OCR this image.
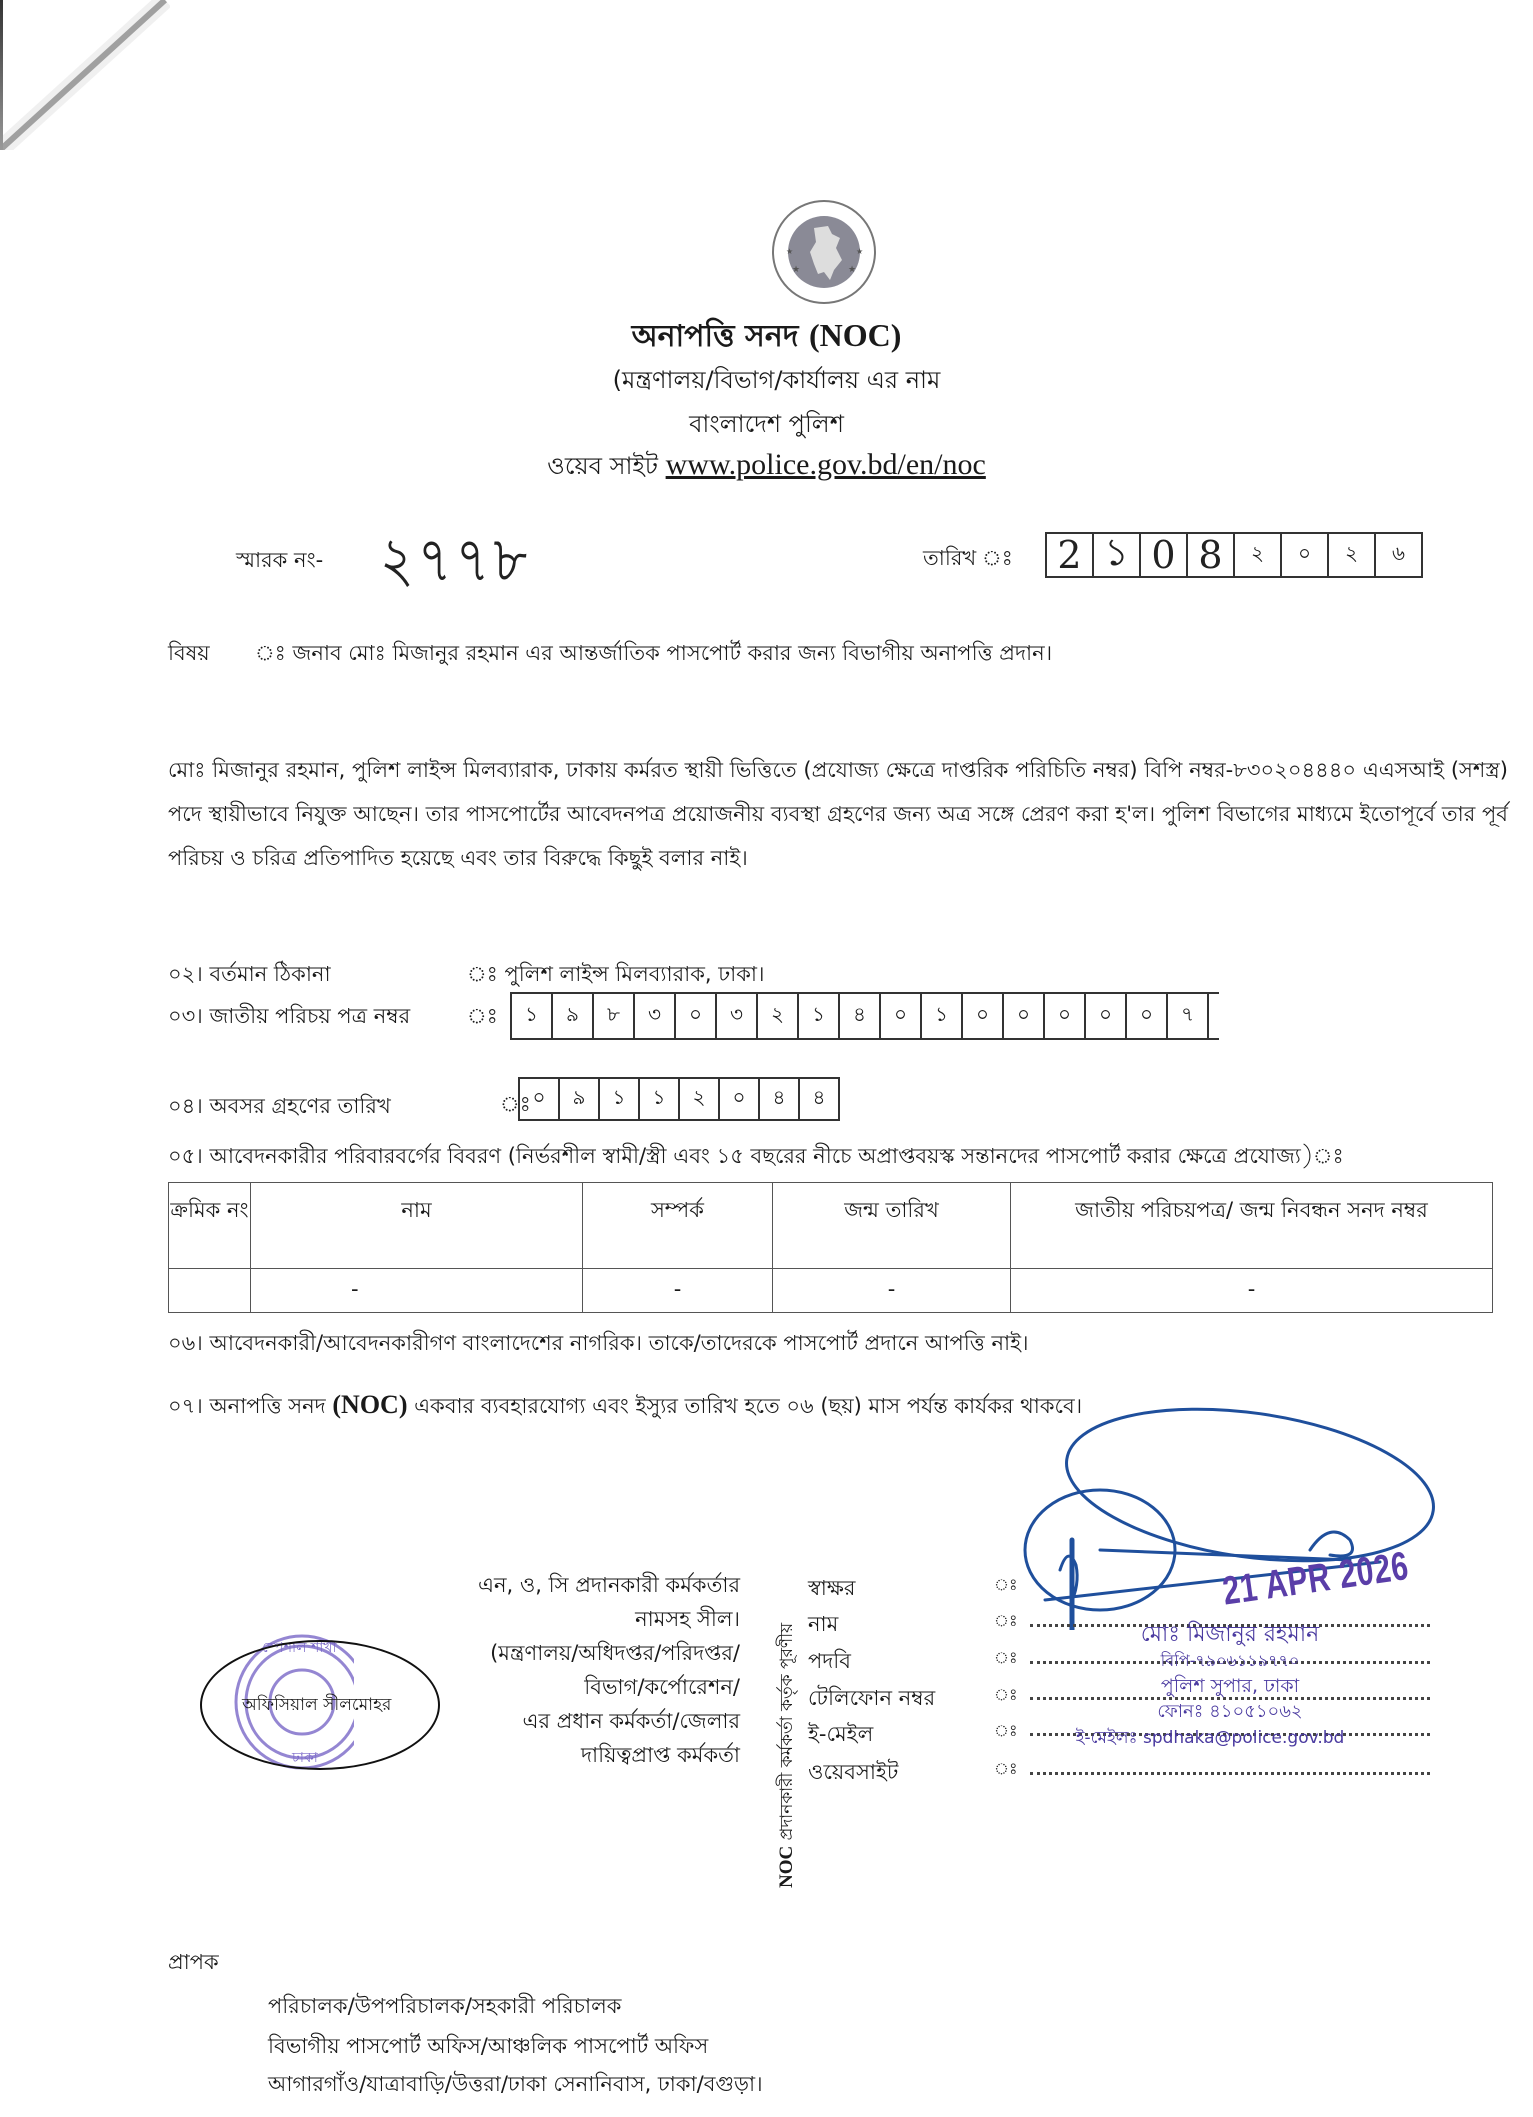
★	★
★	★
অনাপত্তি সনদ (NOC)
(মন্ত্রণালয়/বিভাগ/কার্যালয় এর নাম
বাংলাদেশ পুলিশ
ওয়েব সাইট www.police.gov.bd/en/noc
স্মারক নং- ২৭৭৮	তারিখ ঃ 2 ১ 0 8	২	০	২	৬
বিষয় ঃ জনাব মোঃ মিজানুর রহমান এর আন্তর্জাতিক পাসপোর্ট করার জন্য বিভাগীয় অনাপত্তি প্রদান।
মোঃ মিজানুর রহমান, পুলিশ লাইন্স মিলব্যারাক, ঢাকায় কর্মরত স্থায়ী ভিত্তিতে (প্রযোজ্য ক্ষেত্রে দাপ্তরিক পরিচিতি নম্বর) বিপি নম্বর-৮৩০২০৪৪৪০ এএসআই (সশস্ত্র) পদে স্থায়ীভাবে নিযুক্ত আছেন। তার পাসপোর্টের আবেদনপত্র প্রয়োজনীয় ব্যবস্থা গ্রহণের জন্য অত্র সঙ্গে প্রেরণ করা হ'ল। পুলিশ বিভাগের মাধ্যমে ইতোপূর্বে তার পূর্ব পরিচয় ও চরিত্র প্রতিপাদিত হয়েছে এবং তার বিরুদ্ধে কিছুই বলার নাই।
০২। বর্তমান ঠিকানা	ঃ পুলিশ লাইন্স মিলব্যারাক, ঢাকা।
০৩। জাতীয় পরিচয় পত্র নম্বর	ঃ	১	৯	৮	৩	০	৩	২	১	৪	০	১	০	০	০	০	০	৭
০৪। অবসর গ্রহণের তারিখ	ঃ ০	৯	১	১	২	০	৪	৪
০৫। আবেদনকারীর পরিবারবর্গের বিবরণ (নির্ভরশীল স্বামী/স্ত্রী এবং ১৫ বছরের নীচে অপ্রাপ্তবয়স্ক সন্তানদের পাসপোর্ট করার ক্ষেত্রে প্রযোজ্য)ঃ
ক্রমিক নং	নাম	সম্পর্ক	জন্ম তারিখ	জাতীয় পরিচয়পত্র/ জন্ম নিবন্ধন সনদ নম্বর
	-	-	-	-
০৬। আবেদনকারী/আবেদনকারীগণ বাংলাদেশের নাগরিক। তাকে/তাদেরকে পাসপোর্ট প্রদানে আপত্তি নাই।
০৭। অনাপত্তি সনদ (NOC) একবার ব্যবহারযোগ্য এবং ইস্যুর তারিখ হতে ০৬ (ছয়) মাস পর্যন্ত কার্যকর থাকবে।
এন, ও, সি প্রদানকারী কর্মকর্তার
নামসহ সীল।
(মন্ত্রণালয়/অধিদপ্তর/পরিদপ্তর/
বিভাগ/কর্পোরেশন/
এর প্রধান কর্মকর্তা/জেলার
দায়িত্বপ্রাপ্ত কর্মকর্তা
স্পেশাল শাখা
ঢাকা
অফিসিয়াল সীলমোহর
NOC প্রদানকারী কর্মকর্তা কর্তৃক পূরণীয়
স্বাক্ষর	ঃ
নাম	ঃ
পদবি	ঃ
টেলিফোন নম্বর	ঃ
ই-মেইল	ঃ
ওয়েবসাইট	ঃ
21 APR 2026
মোঃ মিজানুর রহমান
বিপি-৭৯০৬১১৯৭৭০
পুলিশ সুপার, ঢাকা
ফোনঃ ৪১০৫১০৬২
ই-মেইলঃ spdhaka@police.gov.bd
প্রাপক
পরিচালক/উপপরিচালক/সহকারী পরিচালক
বিভাগীয় পাসপোর্ট অফিস/আঞ্চলিক পাসপোর্ট অফিস
আগারগাঁও/যাত্রাবাড়ি/উত্তরা/ঢাকা সেনানিবাস, ঢাকা/বগুড়া।
